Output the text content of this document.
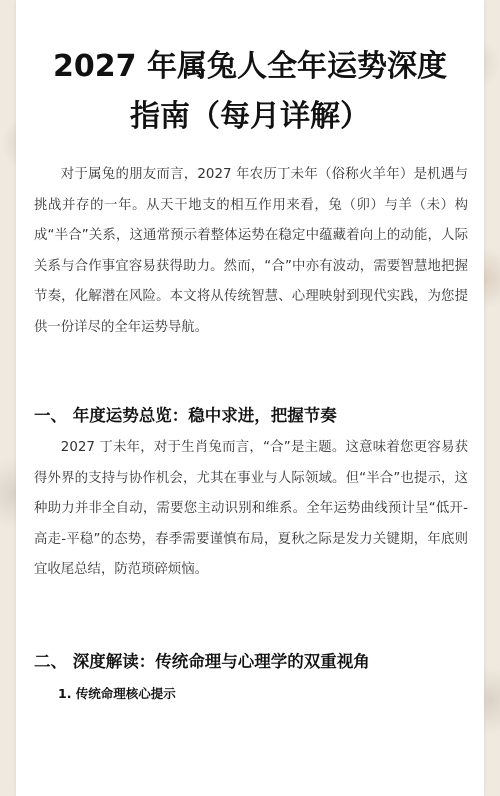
2027 年属兔人全年运势深度指南（每月详解）

对于属兔的朋友而言，2027 年农历丁未年（俗称火羊年）是机遇与挑战并存的一年。从天干地支的相互作用来看，兔（卯）与羊（未）构成“半合”关系，这通常预示着整体运势在稳定中蕴藏着向上的动能，人际关系与合作事宜容易获得助力。然而，“合”中亦有波动，需要智慧地把握节奏，化解潜在风险。本文将从传统智慧、心理映射到现代实践，为您提供一份详尽的全年运势导航。

一、 年度运势总览：稳中求进，把握节奏

2027 丁未年，对于生肖兔而言，“合”是主题。这意味着您更容易获得外界的支持与协作机会，尤其在事业与人际领域。但“半合”也提示，这种助力并非全自动，需要您主动识别和维系。全年运势曲线预计呈“低开-高走-平稳”的态势，春季需要谨慎布局，夏秋之际是发力关键期，年底则宜收尾总结，防范琐碎烦恼。

二、 深度解读：传统命理与心理学的双重视角
1. 传统命理核心提示
